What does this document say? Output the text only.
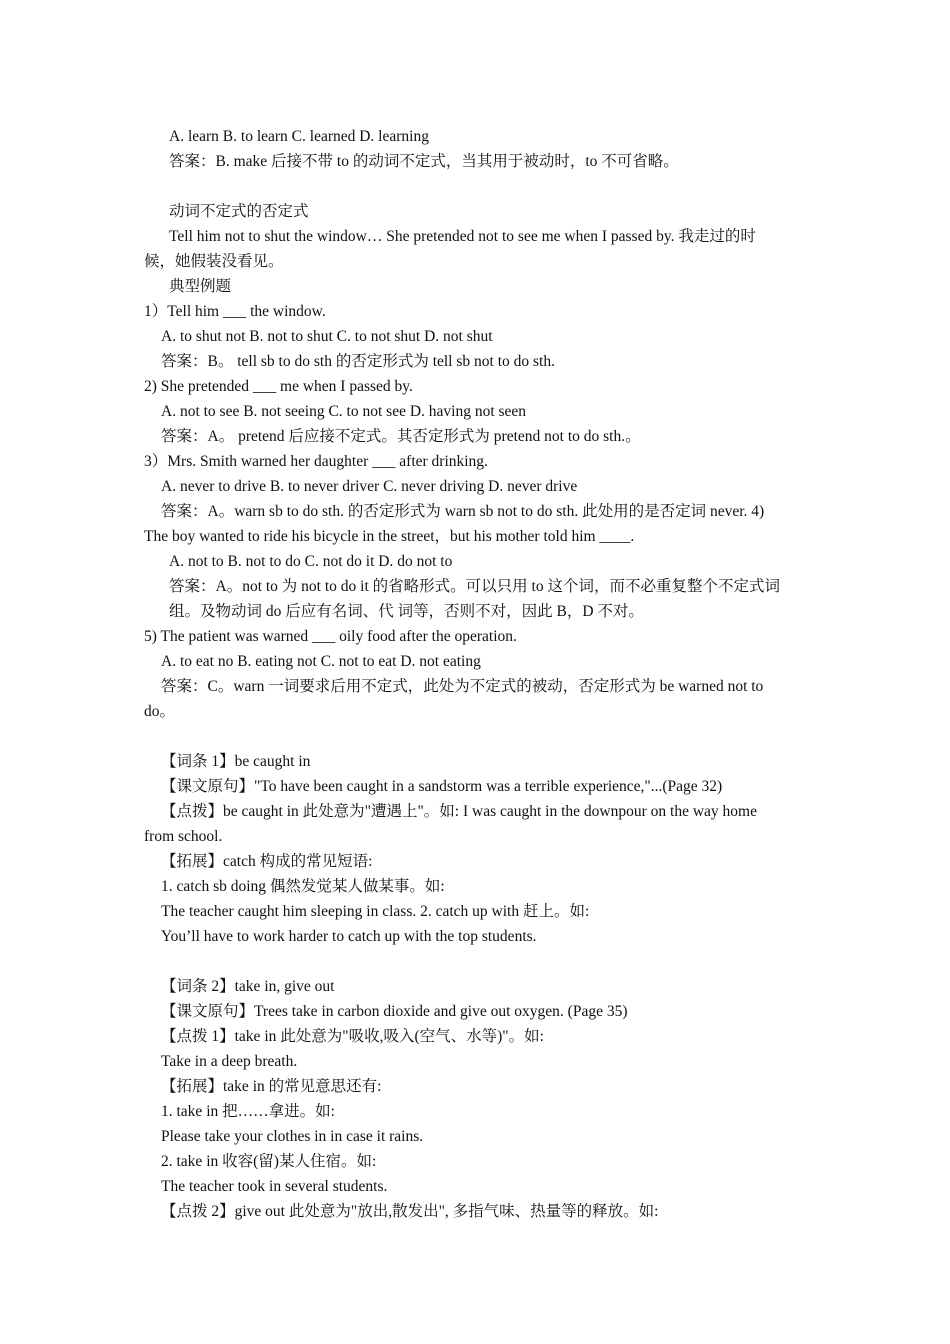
A. learn B. to learn C. learned D. learning
答案：B. make 后接不带 to 的动词不定式，当其用于被动时，to 不可省略。
动词不定式的否定式
Tell him not to shut the window… She pretended not to see me when I passed by. 我走过的时
候，她假装没看见。
典型例题
1）Tell him ___ the window.
A. to shut not B. not to shut C. to not shut D. not shut
答案：B。 tell sb to do sth 的否定形式为 tell sb not to do sth.
2) She pretended ___ me when I passed by.
A. not to see B. not seeing C. to not see D. having not seen
答案：A。 pretend 后应接不定式。其否定形式为 pretend not to do sth.。
3）Mrs. Smith warned her daughter ___ after drinking.
A. never to drive B. to never driver C. never driving D. never drive
答案：A。warn sb to do sth. 的否定形式为 warn sb not to do sth. 此处用的是否定词 never. 4)
The boy wanted to ride his bicycle in the street，but his mother told him ____.
A. not to B. not to do C. not do it D. do not to
答案：A。not to 为 not to do it 的省略形式。可以只用 to 这个词，而不必重复整个不定式词
组。及物动词 do 后应有名词、代 词等，否则不对，因此 B，D 不对。
5) The patient was warned ___ oily food after the operation.
A. to eat no B. eating not C. not to eat D. not eating
答案：C。warn 一词要求后用不定式，此处为不定式的被动，否定形式为 be warned not to
do。
【词条 1】be caught in
【课文原句】"To have been caught in a sandstorm was a terrible experience,"...(Page 32)
【点拨】be caught in 此处意为"遭遇上"。如: I was caught in the downpour on the way home
from school.
【拓展】catch 构成的常见短语:
1. catch sb doing 偶然发觉某人做某事。如:
The teacher caught him sleeping in class. 2. catch up with 赶上。如:
You’ll have to work harder to catch up with the top students.
【词条 2】take in, give out
【课文原句】Trees take in carbon dioxide and give out oxygen. (Page 35)
【点拨 1】take in 此处意为"吸收,吸入(空气、水等)"。如:
Take in a deep breath.
【拓展】take in 的常见意思还有:
1. take in 把……拿进。如:
Please take your clothes in in case it rains.
2. take in 收容(留)某人住宿。如:
The teacher took in several students.
【点拨 2】give out 此处意为"放出,散发出", 多指气味、热量等的释放。如:
